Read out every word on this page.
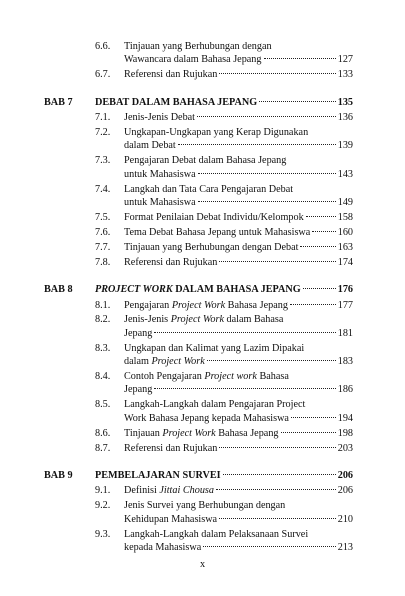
6.6. Tinjauan yang Berhubungan dengan
Wawancara dalam Bahasa Jepang	127
6.7. Referensi dan Rujukan	133
BAB 7 DEBAT DALAM BAHASA JEPANG	135
7.1. Jenis-Jenis Debat	136
7.2. Ungkapan-Ungkapan yang Kerap Digunakan
dalam Debat	139
7.3. Pengajaran Debat dalam Bahasa Jepang
untuk Mahasiswa	143
7.4. Langkah dan Tata Cara Pengajaran Debat
untuk Mahasiswa	149
7.5. Format Penilaian Debat Individu/Kelompok	158
7.6. Tema Debat Bahasa Jepang untuk Mahasiswa	160
7.7. Tinjauan yang Berhubungan dengan Debat	163
7.8. Referensi dan Rujukan	174
BAB 8 PROJECT WORK DALAM BAHASA JEPANG	176
8.1. Pengajaran Project Work Bahasa Jepang	177
8.2. Jenis-Jenis Project Work dalam Bahasa
Jepang	181
8.3. Ungkapan dan Kalimat yang Lazim Dipakai
dalam Project Work	183
8.4. Contoh Pengajaran Project work Bahasa
Jepang	186
8.5. Langkah-Langkah dalam Pengajaran Project
Work Bahasa Jepang kepada Mahasiswa	194
8.6. Tinjauan Project Work Bahasa Jepang	198
8.7. Referensi dan Rujukan	203
BAB 9 PEMBELAJARAN SURVEI	206
9.1. Definisi Jittai Chousa	206
9.2. Jenis Survei yang Berhubungan dengan
Kehidupan Mahasiswa	210
9.3. Langkah-Langkah dalam Pelaksanaan Survei
kepada Mahasiswa	213
x
